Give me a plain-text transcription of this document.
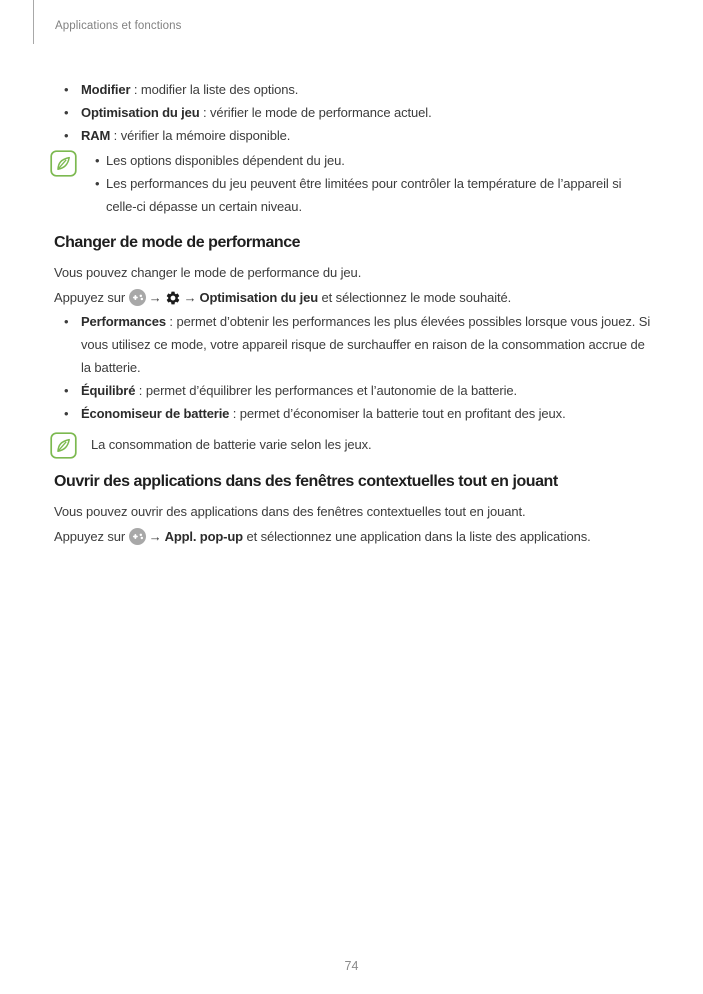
Applications et fonctions
• Modifier : modifier la liste des options.
• Optimisation du jeu : vérifier le mode de performance actuel.
• RAM : vérifier la mémoire disponible.
• Les options disponibles dépendent du jeu.
• Les performances du jeu peuvent être limitées pour contrôler la température de l’appareil si celle-ci dépasse un certain niveau.
Changer de mode de performance

Vous pouvez changer le mode de performance du jeu.

Appuyez sur → → Optimisation du jeu et sélectionnez le mode souhaité.

• Performances : permet d’obtenir les performances les plus élevées possibles lorsque vous jouez. Si vous utilisez ce mode, votre appareil risque de surchauffer en raison de la consommation accrue de la batterie.
• Équilibré : permet d’équilibrer les performances et l’autonomie de la batterie.
• Économiseur de batterie : permet d’économiser la batterie tout en profitant des jeux.
La consommation de batterie varie selon les jeux.
Ouvrir des applications dans des fenêtres contextuelles tout en jouant

Vous pouvez ouvrir des applications dans des fenêtres contextuelles tout en jouant.

Appuyez sur → Appl. pop-up et sélectionnez une application dans la liste des applications.

74
